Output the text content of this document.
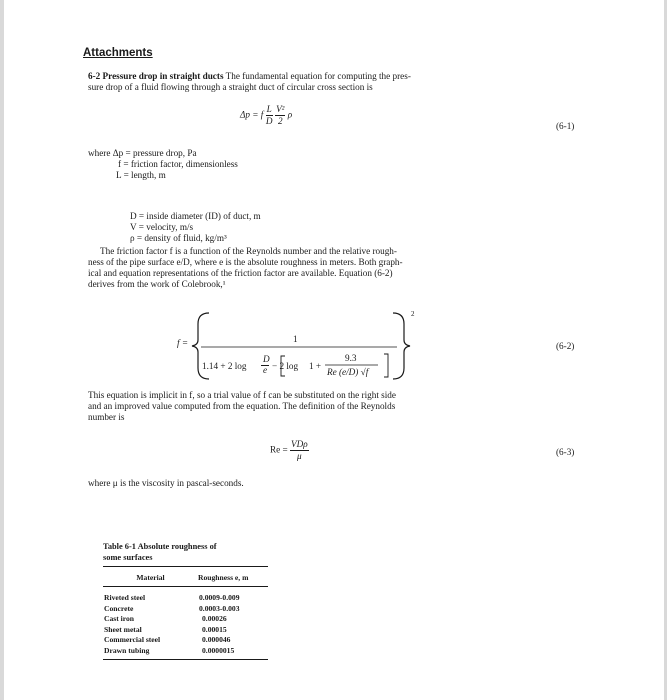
Attachments
6-2 Pressure drop in straight ducts The fundamental equation for computing the pres-
sure drop of a fluid flowing through a straight duct of circular cross section is
Δp = f $\frac{L}{D}$
$\frac{\text{V²}}{2}$ ρ
(6-1)
where Δp = pressure drop, Pa
f = friction factor, dimensionless
L = length, m
D = inside diameter (ID) of duct, m
V = velocity, m/s
ρ = density of fluid, kg/m³
The friction factor f is a function of the Reynolds number and the relative rough-
ness of the pipe surface e/D, where e is the absolute roughness in meters. Both graph-
ical and equation representations of the friction factor are available. Equation (6-2)
derives from the work of Colebrook,¹
f =	1
1.14 + 2 log
D
e − 2 log 1 +
9.3
Re (e/D) √f
2
(6-2)
This equation is implicit in f, so a trial value of f can be substituted on the right side
and an improved value computed from the equation. The definition of the Reynolds
number is
$Re = \frac{\text{VDρ}}{\mu}$	(6-3)
where μ is the viscosity in pascal-seconds.
Table 6-1 Absolute roughness of
some surfaces
Material	Roughness e, m

Riveted steel	0.0009-0.009
Concrete	0.0003-0.003
Cast iron	0.00026
Sheet metal	0.00015
Commercial steel	0.000046
Drawn tubing	0.0000015
